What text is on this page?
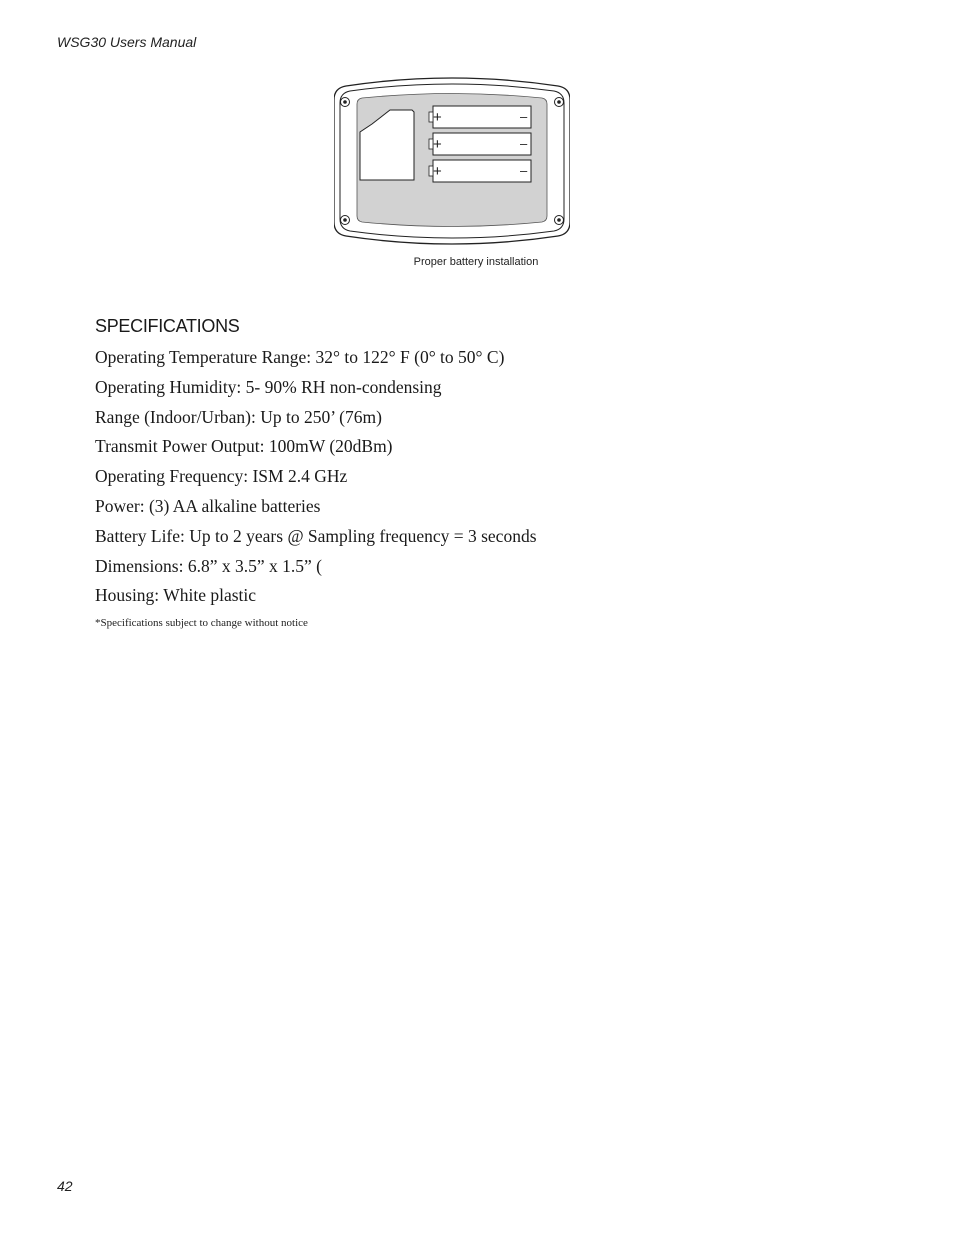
WSG30 Users Manual
+	–
+	–
+	–
Proper battery installation
SPECIFICATIONS
Operating Temperature Range: 32° to 122° F (0° to 50° C)
Operating Humidity: 5- 90% RH non-condensing
Range (Indoor/Urban): Up to 250’ (76m)
Transmit Power Output: 100mW (20dBm)
Operating Frequency: ISM 2.4 GHz
Power: (3) AA alkaline batteries
Battery Life: Up to 2 years @ Sampling frequency = 3 seconds
Dimensions: 6.8” x 3.5” x 1.5” (
Housing: White plastic
*Specifications subject to change without notice
42
